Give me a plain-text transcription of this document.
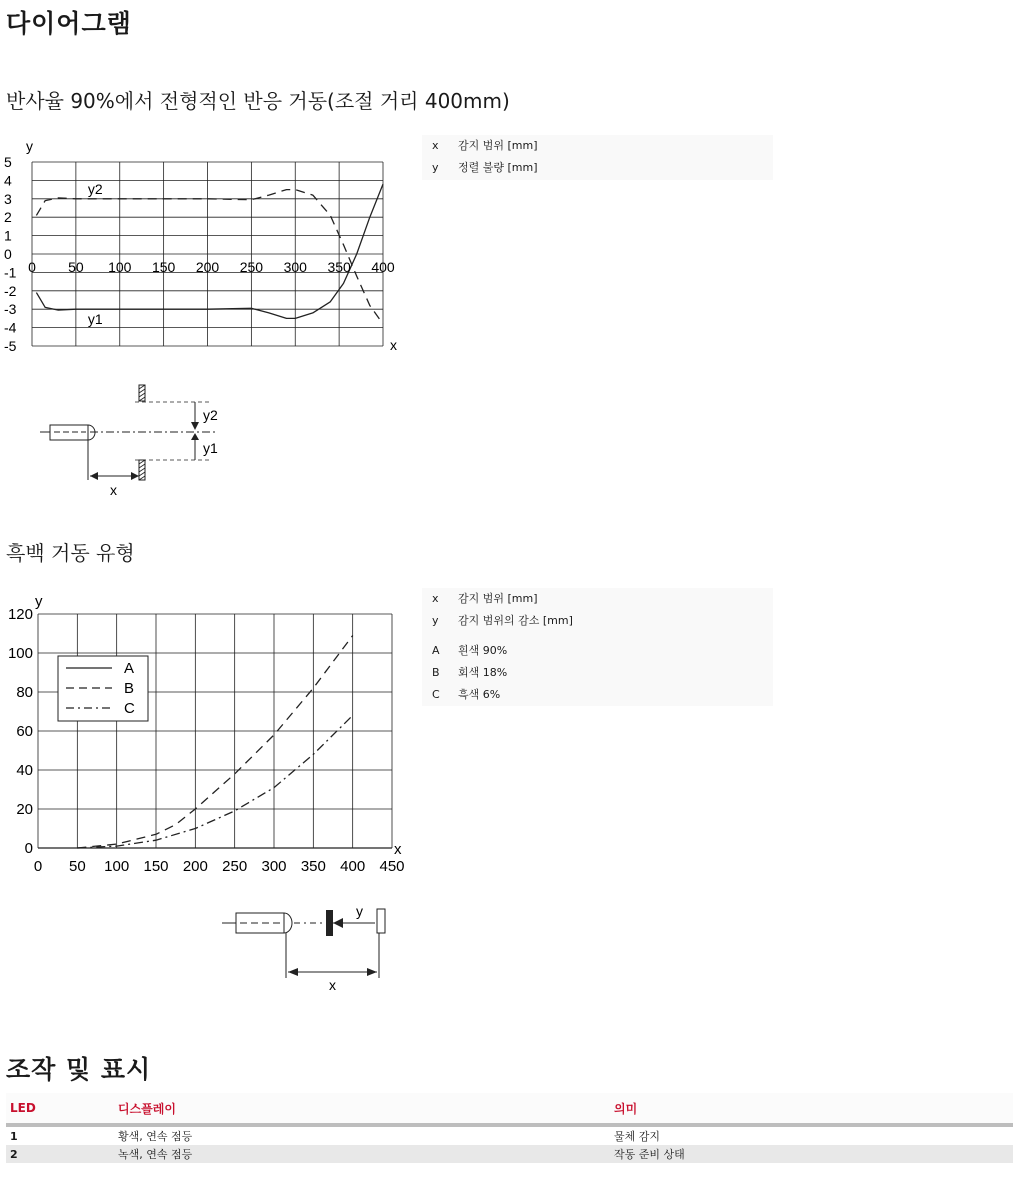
다이어그램
반사율 90%에서 전형적인 반응 거동(조절 거리 400mm)
5
4
3
2
1
0
-1
-2
-3
-4
-5
0 50 100 150 200 250 300 350 400
y
x
y2
y1
x	감지 범위 [mm]
y	정렬 불량 [mm]
y2
y1
x
흑백 거동 유형
120
100
80
60
40
20
0
0 50 100 150 200 250 300 350 400 450
y
x
A
B
C
x	감지 범위 [mm]
y	감지 범위의 감소 [mm]
A	흰색 90%
B	회색 18%
C	흑색 6%
y
x
조작 및 표시
LED	디스플레이	의미
1	황색, 연속 점등	물체 감지
2	녹색, 연속 점등	작동 준비 상태
